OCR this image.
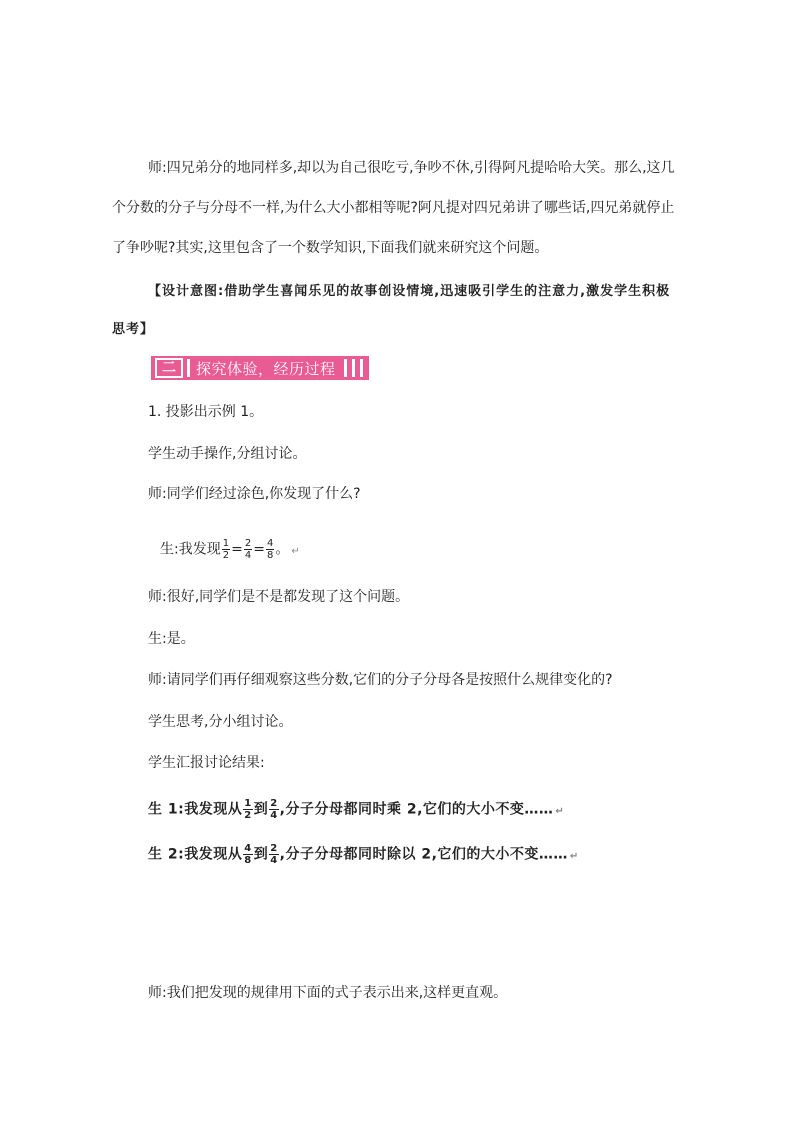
师:四兄弟分的地同样多,却以为自己很吃亏,争吵不休,引得阿凡提哈哈大笑。那么,这几个分数的分子与分母不一样,为什么大小都相等呢?阿凡提对四兄弟讲了哪些话,四兄弟就停止了争吵呢?其实,这里包含了一个数学知识,下面我们就来研究这个问题。
【设计意图:借助学生喜闻乐见的故事创设情境,迅速吸引学生的注意力,激发学生积极思考】
二	探究体验，经历过程
1. 投影出示例 1。
学生动手操作,分组讨论。
师:同学们经过涂色,你发现了什么?
生:我发现 $\frac{1}{2} = \frac{2}{4} = \frac{4}{8}$ 。 ↵
师:很好,同学们是不是都发现了这个问题。
生:是。
师:请同学们再仔细观察这些分数,它们的分子分母各是按照什么规律变化的?
学生思考,分小组讨论。
学生汇报讨论结果:
生 1:我发现从 $\frac{1}{2}$ 到 $\frac{2}{4}$ ,分子分母都同时乘 2,它们的大小不变…… ↵
生 2:我发现从 $\frac{4}{8}$ 到 $\frac{2}{4}$ ,分子分母都同时除以 2,它们的大小不变…… ↵
师:我们把发现的规律用下面的式子表示出来,这样更直观。
